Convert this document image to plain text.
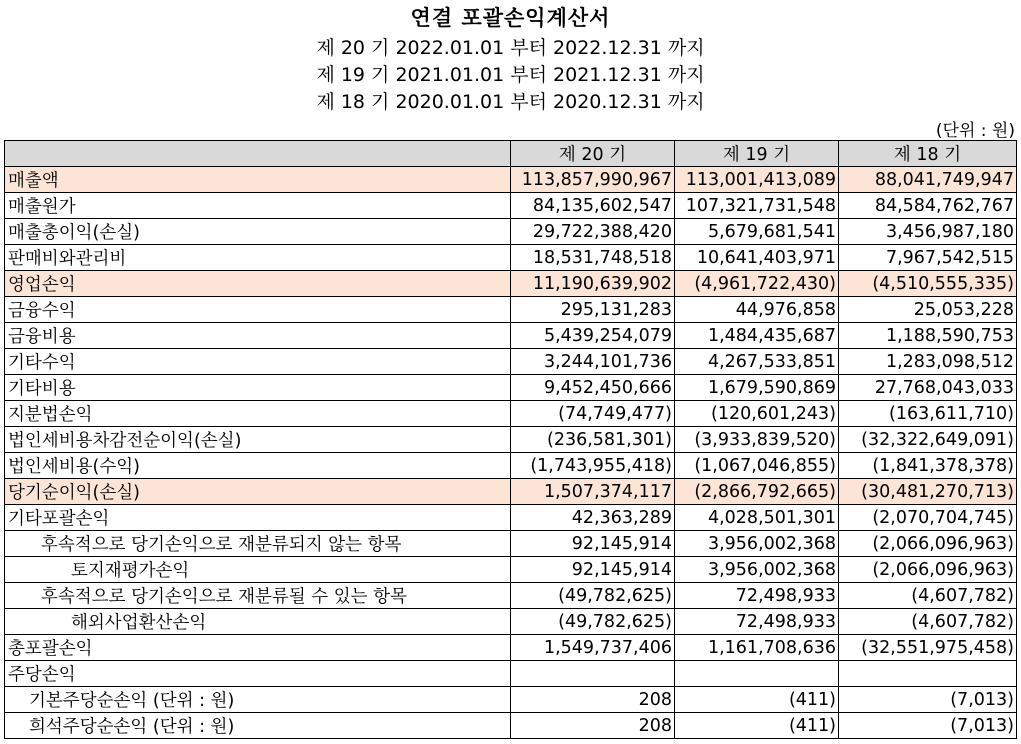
연결 포괄손익계산서
제 20 기 2022.01.01 부터 2022.12.31 까지
제 19 기 2021.01.01 부터 2021.12.31 까지
제 18 기 2020.01.01 부터 2020.12.31 까지
(단위 : 원)
	제 20 기	제 19 기	제 18 기
매출액	113,857,990,967	113,001,413,089	88,041,749,947
매출원가	84,135,602,547	107,321,731,548	84,584,762,767
매출총이익(손실)	29,722,388,420	5,679,681,541	3,456,987,180
판매비와관리비	18,531,748,518	10,641,403,971	7,967,542,515
영업손익	11,190,639,902	(4,961,722,430)	(4,510,555,335)
금융수익	295,131,283	44,976,858	25,053,228
금융비용	5,439,254,079	1,484,435,687	1,188,590,753
기타수익	3,244,101,736	4,267,533,851	1,283,098,512
기타비용	9,452,450,666	1,679,590,869	27,768,043,033
지분법손익	(74,749,477)	(120,601,243)	(163,611,710)
법인세비용차감전순이익(손실)	(236,581,301)	(3,933,839,520)	(32,322,649,091)
법인세비용(수익)	(1,743,955,418)	(1,067,046,855)	(1,841,378,378)
당기순이익(손실)	1,507,374,117	(2,866,792,665)	(30,481,270,713)
기타포괄손익	42,363,289	4,028,501,301	(2,070,704,745)
후속적으로 당기손익으로 재분류되지 않는 항목	92,145,914	3,956,002,368	(2,066,096,963)
토지재평가손익	92,145,914	3,956,002,368	(2,066,096,963)
후속적으로 당기손익으로 재분류될 수 있는 항목	(49,782,625)	72,498,933	(4,607,782)
해외사업환산손익	(49,782,625)	72,498,933	(4,607,782)
총포괄손익	1,549,737,406	1,161,708,636	(32,551,975,458)
주당손익			
기본주당순손익 (단위 : 원)	208	(411)	(7,013)
희석주당순손익 (단위 : 원)	208	(411)	(7,013)
